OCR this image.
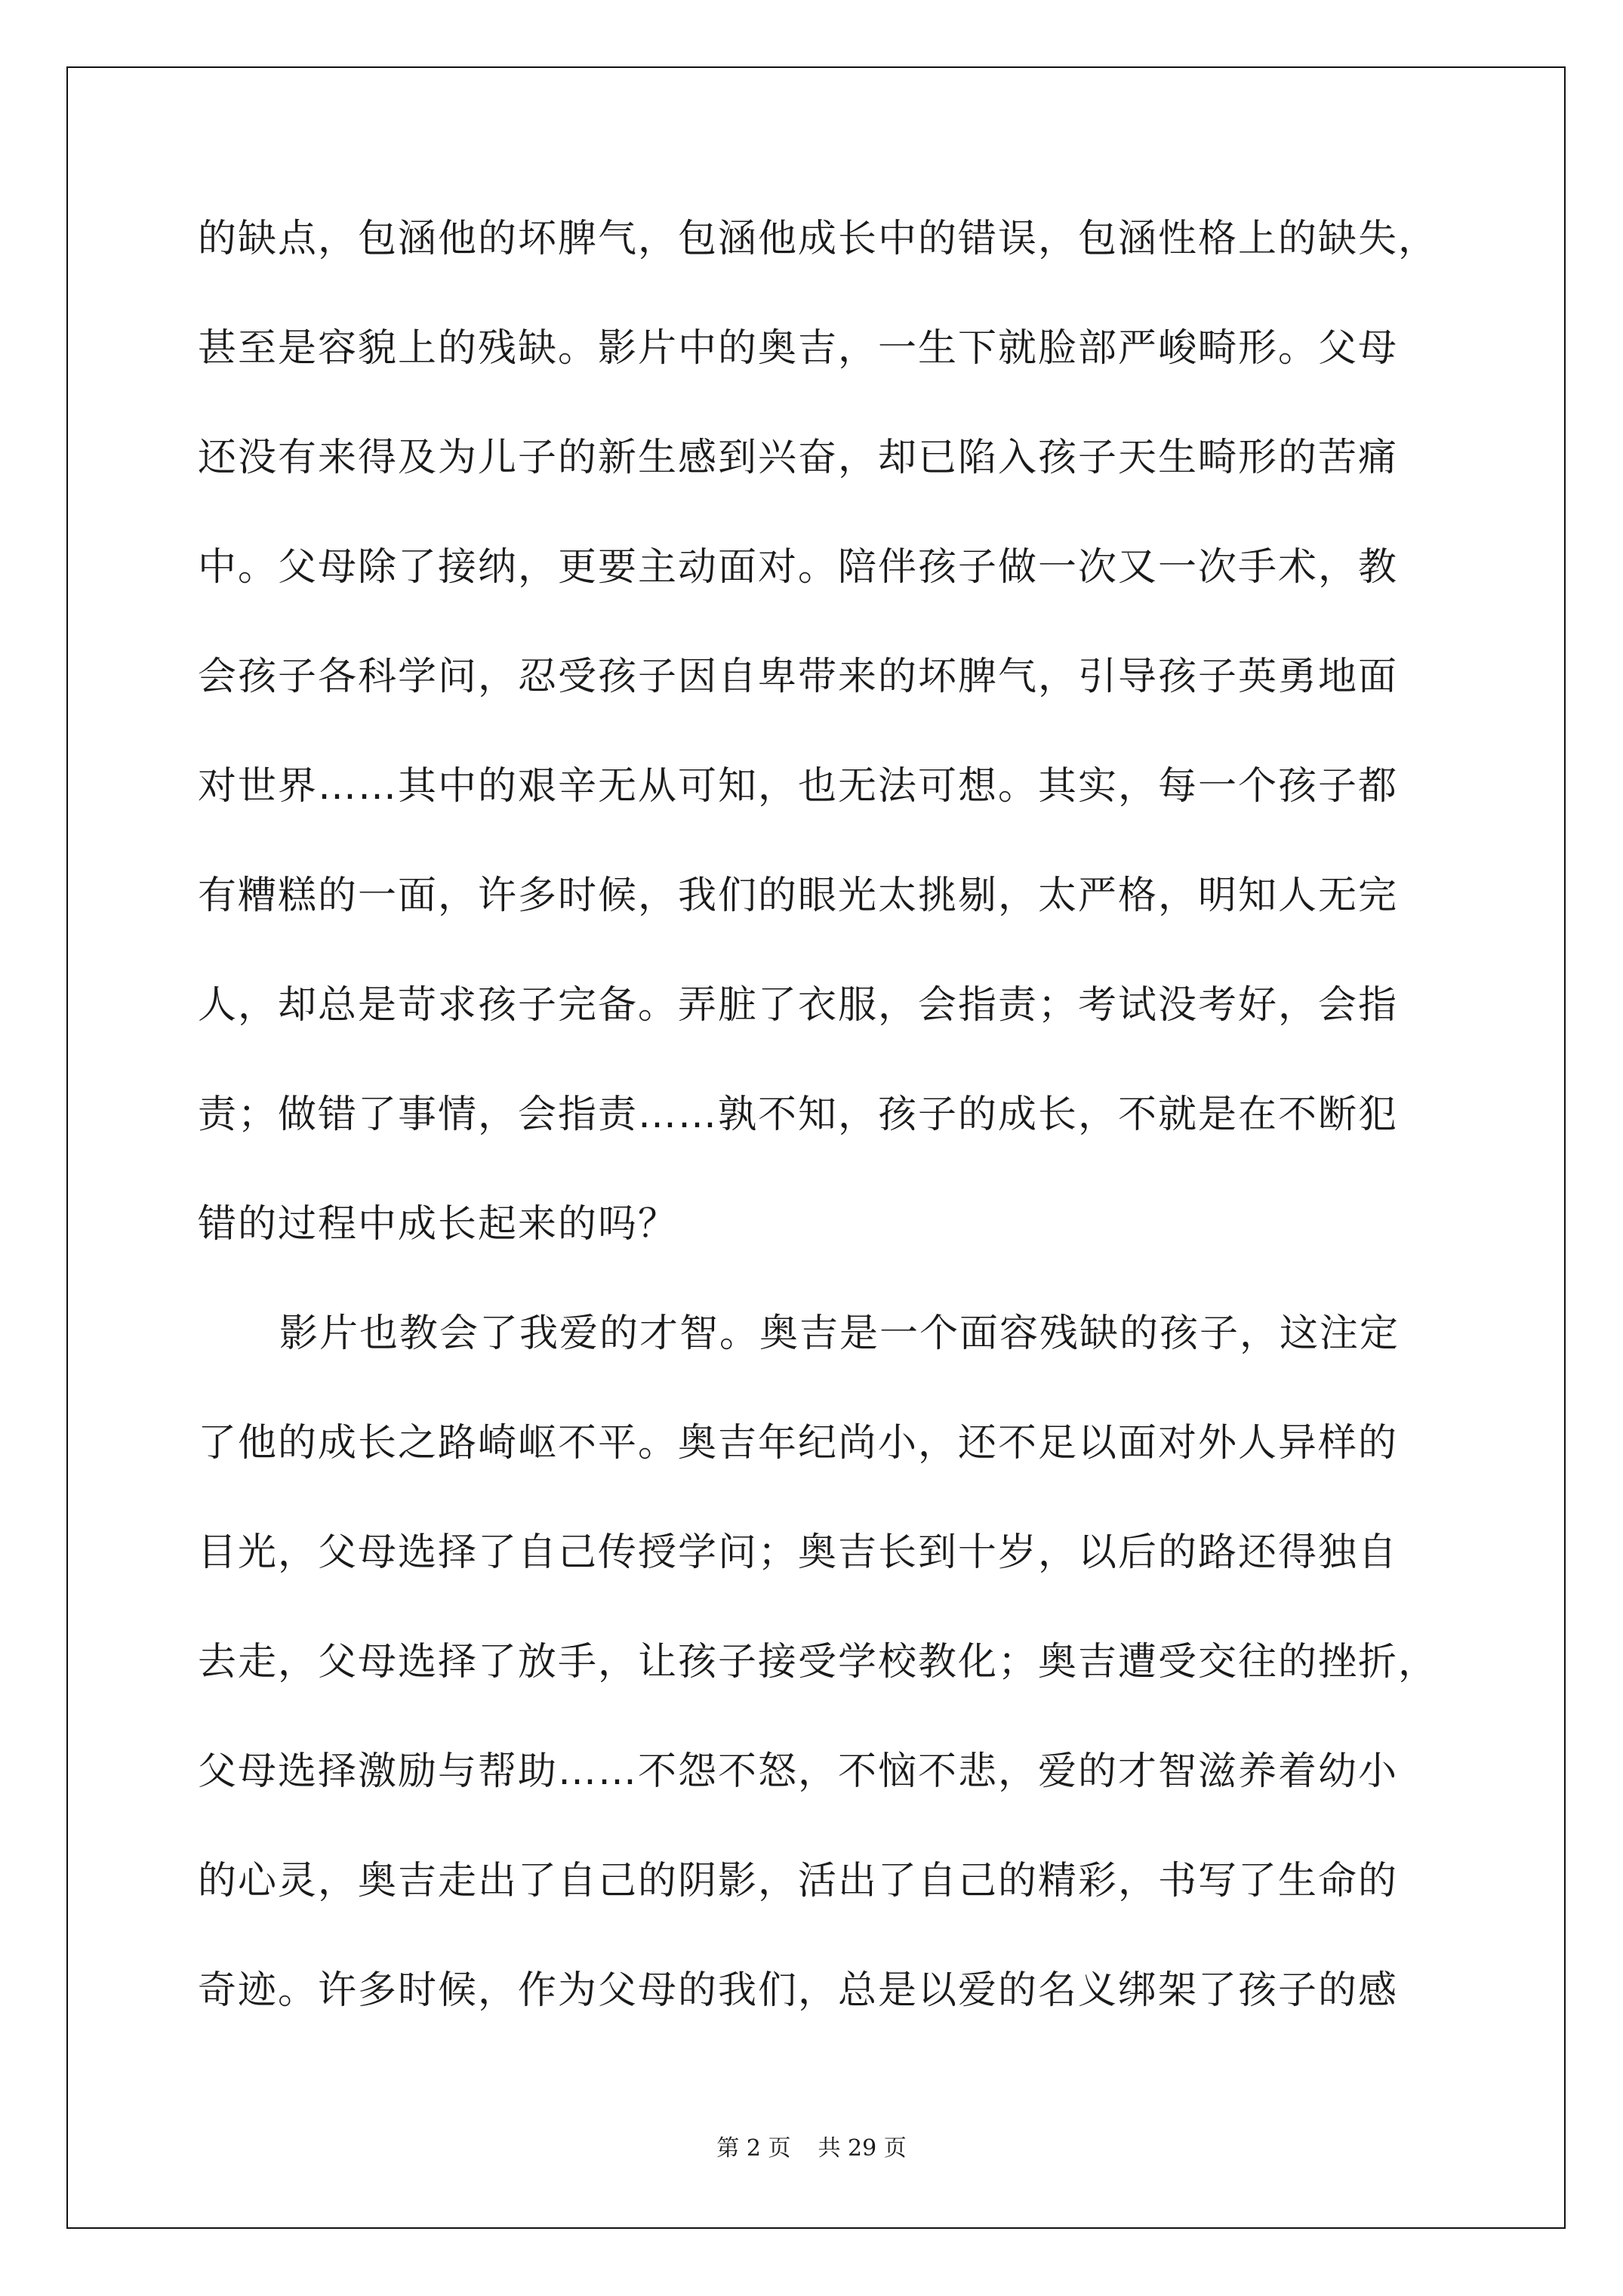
的缺点，包涵他的坏脾气，包涵他成长中的错误，包涵性格上的缺失，
甚至是容貌上的残缺。影片中的奥吉，一生下就脸部严峻畸形。父母
还没有来得及为儿子的新生感到兴奋，却已陷入孩子天生畸形的苦痛
中。父母除了接纳，更要主动面对。陪伴孩子做一次又一次手术，教
会孩子各科学问，忍受孩子因自卑带来的坏脾气，引导孩子英勇地面
对世界……其中的艰辛无从可知，也无法可想。其实，每一个孩子都
有糟糕的一面，许多时候，我们的眼光太挑剔，太严格，明知人无完
人，却总是苛求孩子完备。弄脏了衣服，会指责；考试没考好，会指
责；做错了事情，会指责……孰不知，孩子的成长，不就是在不断犯
错的过程中成长起来的吗？
影片也教会了我爱的才智。奥吉是一个面容残缺的孩子，这注定
了他的成长之路崎岖不平。奥吉年纪尚小，还不足以面对外人异样的
目光，父母选择了自己传授学问；奥吉长到十岁，以后的路还得独自
去走，父母选择了放手，让孩子接受学校教化；奥吉遭受交往的挫折，
父母选择激励与帮助……不怨不怒，不恼不悲，爱的才智滋养着幼小
的心灵，奥吉走出了自己的阴影，活出了自己的精彩，书写了生命的
奇迹。许多时候，作为父母的我们，总是以爱的名义绑架了孩子的感
第 2 页 共 29 页
